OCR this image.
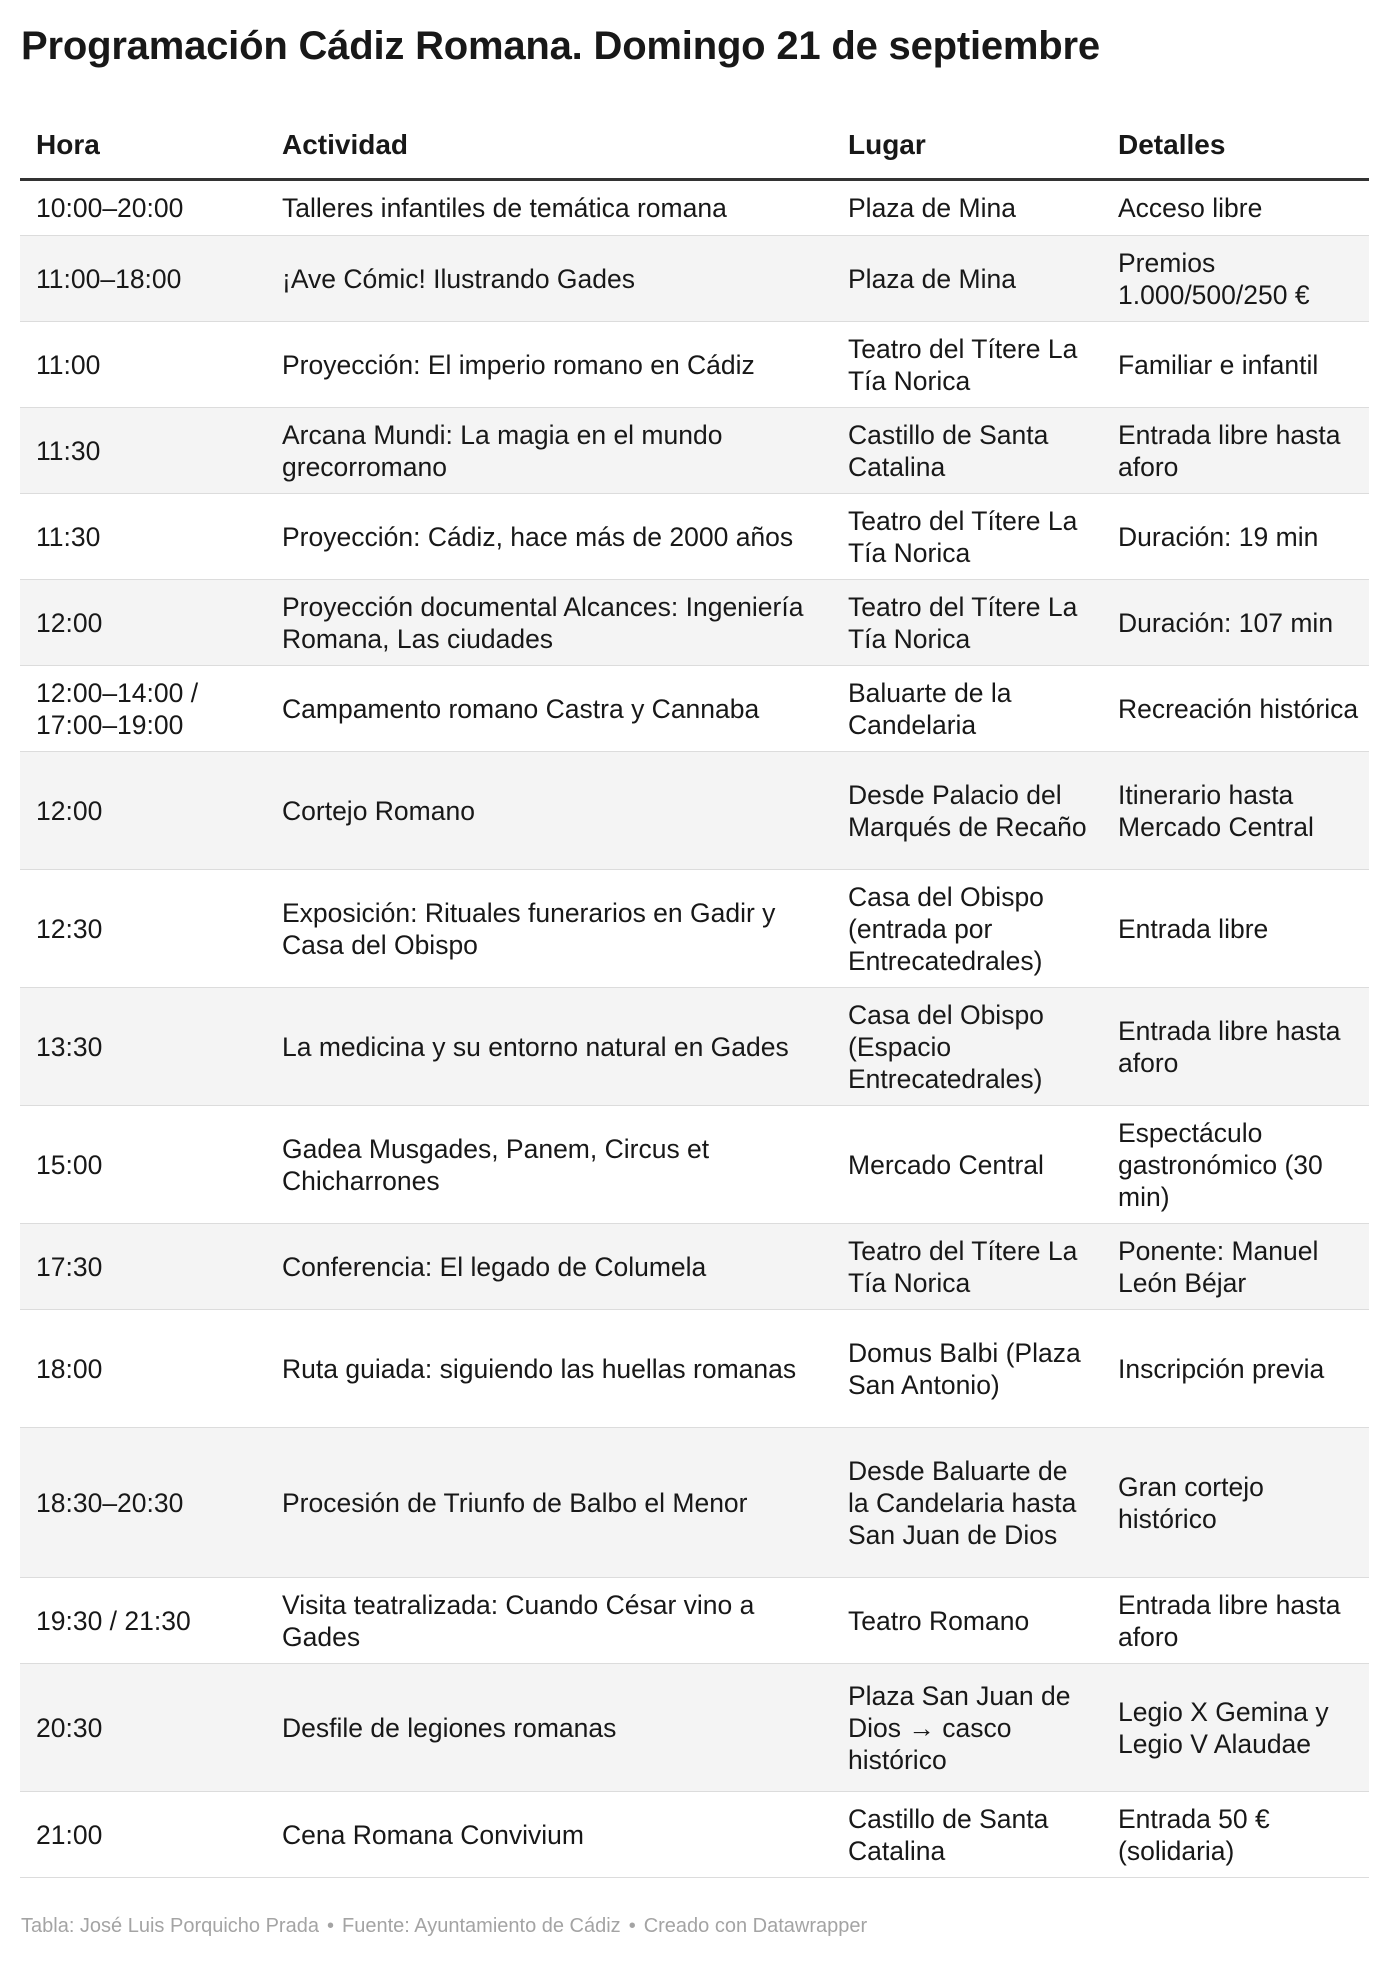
Programación Cádiz Romana. Domingo 21 de septiembre
Hora	Actividad	Lugar	Detalles
10:00–20:00	Talleres infantiles de temática romana	Plaza de Mina	Acceso libre
11:00–18:00	¡Ave Cómic! Ilustrando Gades	Plaza de Mina	Premios 1.000/500/250 €
11:00	Proyección: El imperio romano en Cádiz	Teatro del Títere La Tía Norica	Familiar e infantil
11:30	Arcana Mundi: La magia en el mundo grecorromano	Castillo de Santa Catalina	Entrada libre hasta aforo
11:30	Proyección: Cádiz, hace más de 2000 años	Teatro del Títere La Tía Norica	Duración: 19 min
12:00	Proyección documental Alcances: Ingeniería Romana, Las ciudades	Teatro del Títere La Tía Norica	Duración: 107 min
12:00–14:00 / 17:00–19:00	Campamento romano Castra y Cannaba	Baluarte de la Candelaria	Recreación histórica
12:00	Cortejo Romano	Desde Palacio del Marqués de Recaño	Itinerario hasta Mercado Central
12:30	Exposición: Rituales funerarios en Gadir y Casa del Obispo	Casa del Obispo (entrada por Entrecatedrales)	Entrada libre
13:30	La medicina y su entorno natural en Gades	Casa del Obispo (Espacio Entrecatedrales)	Entrada libre hasta aforo
15:00	Gadea Musgades, Panem, Circus et Chicharrones	Mercado Central	Espectáculo gastronómico (30 min)
17:30	Conferencia: El legado de Columela	Teatro del Títere La Tía Norica	Ponente: Manuel León Béjar
18:00	Ruta guiada: siguiendo las huellas romanas	Domus Balbi (Plaza San Antonio)	Inscripción previa
18:30–20:30	Procesión de Triunfo de Balbo el Menor	Desde Baluarte de la Candelaria hasta San Juan de Dios	Gran cortejo histórico
19:30 / 21:30	Visita teatralizada: Cuando César vino a Gades	Teatro Romano	Entrada libre hasta aforo
20:30	Desfile de legiones romanas	Plaza San Juan de Dios → casco histórico	Legio X Gemina y Legio V Alaudae
21:00	Cena Romana Convivium	Castillo de Santa Catalina	Entrada 50 € (solidaria)
Tabla: José Luis Porquicho Prada • Fuente: Ayuntamiento de Cádiz • Creado con Datawrapper
